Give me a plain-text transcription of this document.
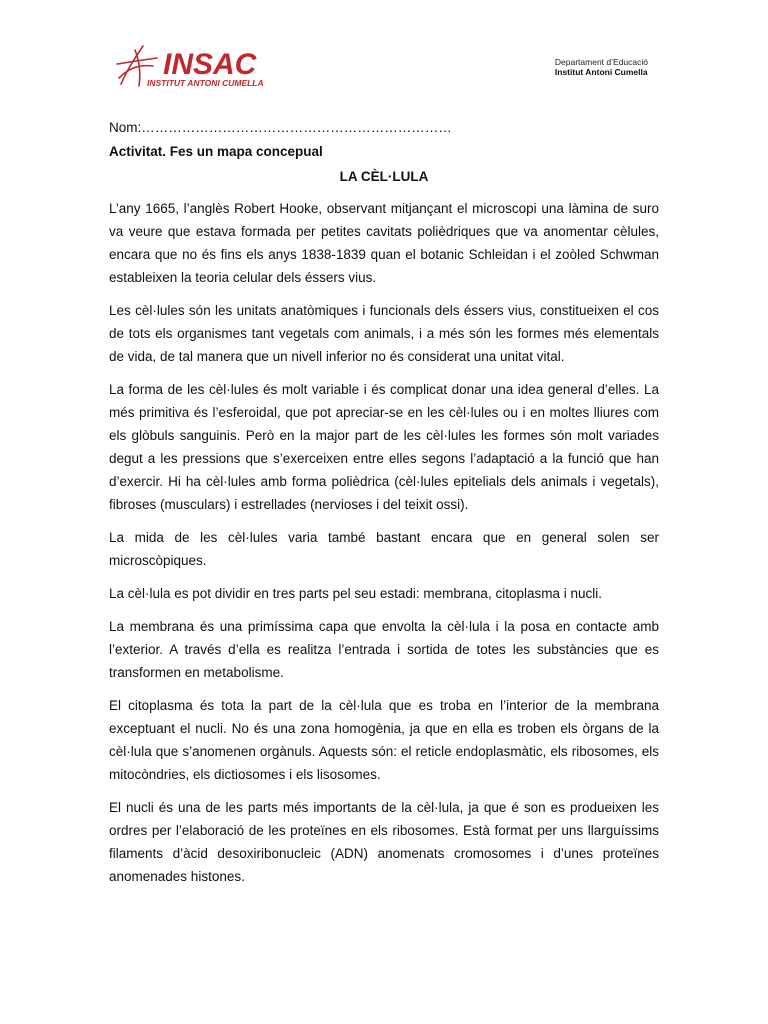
INSAC
INSTITUT ANTONI CUMELLA
Departament d’Educació
Institut Antoni Cumella

Nom:……………………………………………………………

Activitat. Fes un mapa concepual

LA CÈL·LULA

L’any 1665, l’anglès Robert Hooke, observant mitjançant el microscopi una làmina de suro va veure que estava formada per petites cavitats polièdriques que va anomentar cèlules, encara que no és fins els anys 1838-1839 quan el botanic Schleidan i el zoòled Schwman estableixen la teoria celular dels éssers vius.

Les cèl·lules són les unitats anatòmiques i funcionals dels éssers vius, constitueixen el cos de tots els organismes tant vegetals com animals, i a més són les formes més elementals de vida, de tal manera que un nivell inferior no és considerat una unitat vital.

La forma de les cèl·lules és molt variable i és complicat donar una idea general d’elles. La més primitiva és l’esferoidal, que pot apreciar-se en les cèl·lules ou i en moltes lliures com els glòbuls sanguinis. Però en la major part de les cèl·lules les formes són molt variades degut a les pressions que s’exerceixen entre elles segons l’adaptació a la funció que han d’exercir. Hi ha cèl·lules amb forma polièdrica (cèl·lules epitelials dels animals i vegetals), fibroses (musculars) i estrellades (nervioses i del teixit ossi).

La mida de les cèl·lules varia també bastant encara que en general solen ser microscòpiques.

La cèl·lula es pot dividir en tres parts pel seu estadi: membrana, citoplasma i nucli.

La membrana és una primíssima capa que envolta la cèl·lula i la posa en contacte amb l’exterior. A través d’ella es realitza l’entrada i sortida de totes les substàncies que es transformen en metabolisme.

El citoplasma és tota la part de la cèl·lula que es troba en l’interior de la membrana exceptuant el nucli. No és una zona homogènia, ja que en ella es troben els òrgans de la cèl·lula que s’anomenen orgànuls. Aquests són: el reticle endoplasmàtic, els ribosomes, els mitocòndries, els dictiosomes i els lisosomes.

El nucli és una de les parts més importants de la cèl·lula, ja que é son es produeixen les ordres per l’elaboració de les proteïnes en els ribosomes. Està format per uns llarguíssims filaments d’àcid desoxiribonucleic (ADN) anomenats cromosomes i d’unes proteïnes anomenades histones.
